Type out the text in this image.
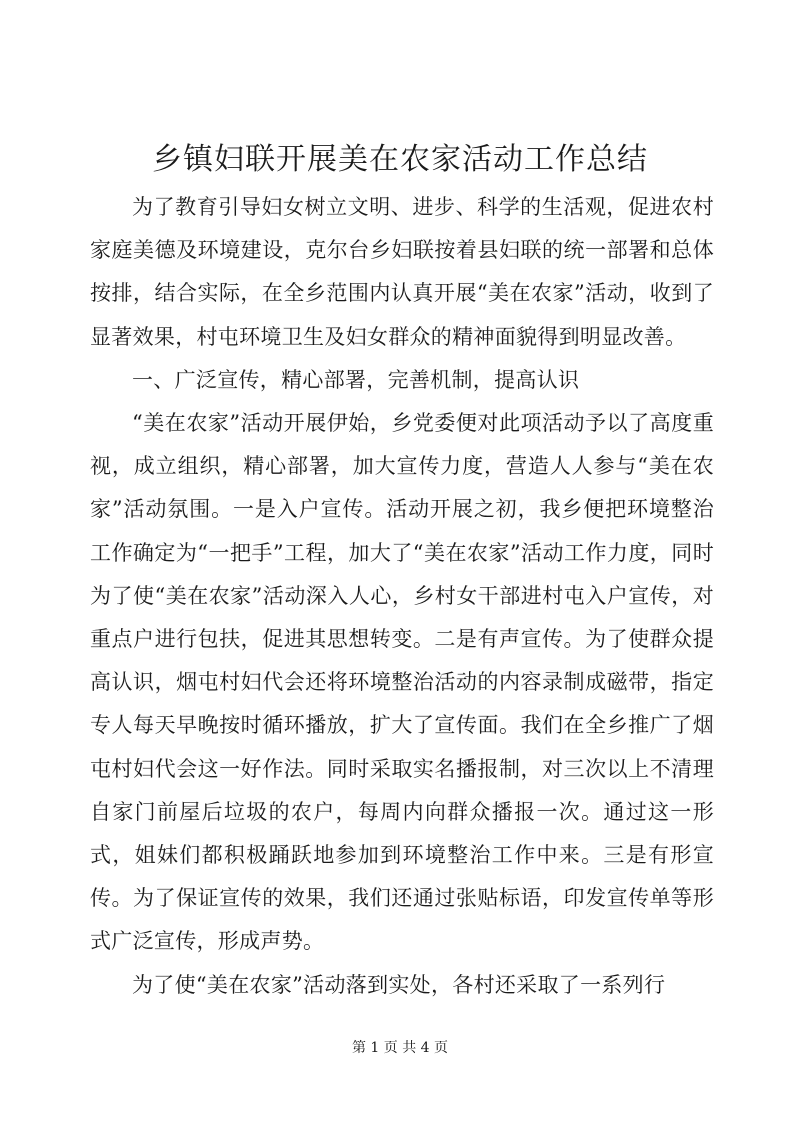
乡镇妇联开展美在农家活动工作总结

为了教育引导妇女树立文明、进步、科学的生活观，促进农村家庭美德及环境建设，克尔台乡妇联按着县妇联的统一部署和总体按排，结合实际，在全乡范围内认真开展“美在农家”活动，收到了显著效果，村屯环境卫生及妇女群众的精神面貌得到明显改善。

一、广泛宣传，精心部署，完善机制，提高认识

“美在农家”活动开展伊始，乡党委便对此项活动予以了高度重视，成立组织，精心部署，加大宣传力度，营造人人参与“美在农家”活动氛围。一是入户宣传。活动开展之初，我乡便把环境整治工作确定为“一把手”工程，加大了“美在农家”活动工作力度，同时为了使“美在农家”活动深入人心，乡村女干部进村屯入户宣传，对重点户进行包扶，促进其思想转变。二是有声宣传。为了使群众提高认识，烟屯村妇代会还将环境整治活动的内容录制成磁带，指定专人每天早晚按时循环播放，扩大了宣传面。我们在全乡推广了烟屯村妇代会这一好作法。同时采取实名播报制，对三次以上不清理自家门前屋后垃圾的农户，每周内向群众播报一次。通过这一形式，姐妹们都积极踊跃地参加到环境整治工作中来。三是有形宣传。为了保证宣传的效果，我们还通过张贴标语，印发宣传单等形式广泛宣传，形成声势。

为了使“美在农家”活动落到实处，各村还采取了一系列行

第 1 页 共 4 页
